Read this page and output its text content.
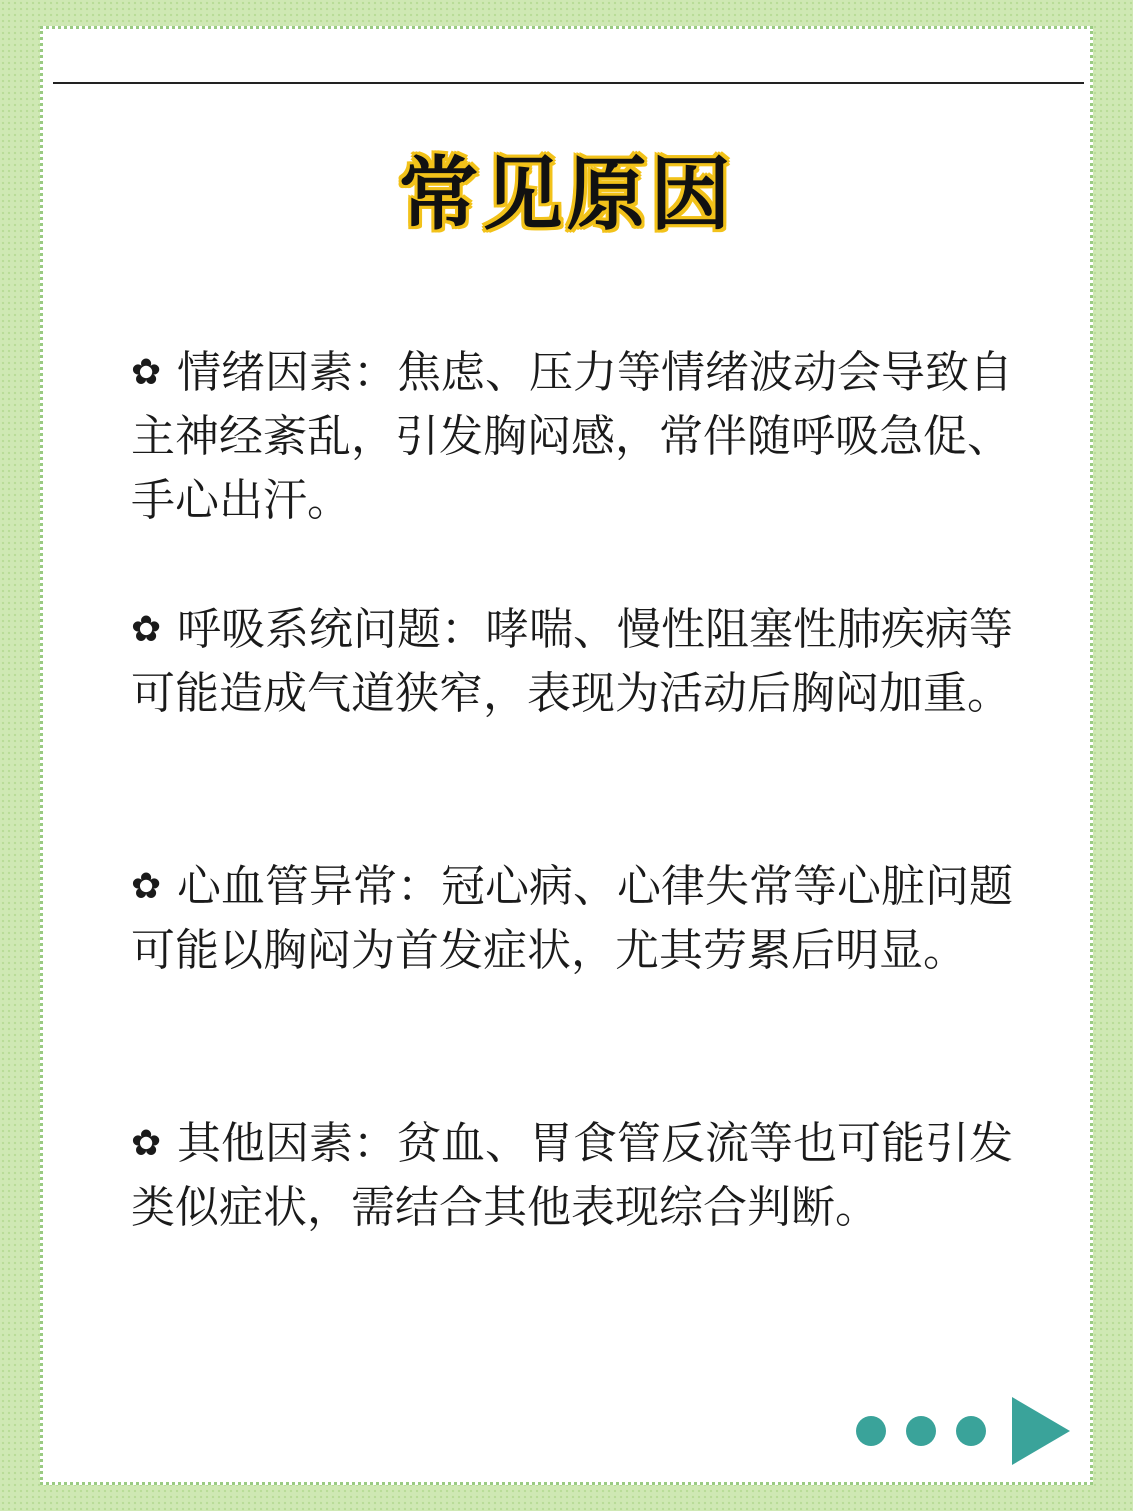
常见原因

✿ 情绪因素：焦虑、压力等情绪波动会导致自主神经紊乱，引发胸闷感，常伴随呼吸急促、手心出汗。

✿ 呼吸系统问题：哮喘、慢性阻塞性肺疾病等可能造成气道狭窄，表现为活动后胸闷加重。

✿ 心血管异常：冠心病、心律失常等心脏问题可能以胸闷为首发症状，尤其劳累后明显。

✿ 其他因素：贫血、胃食管反流等也可能引发类似症状，需结合其他表现综合判断。
